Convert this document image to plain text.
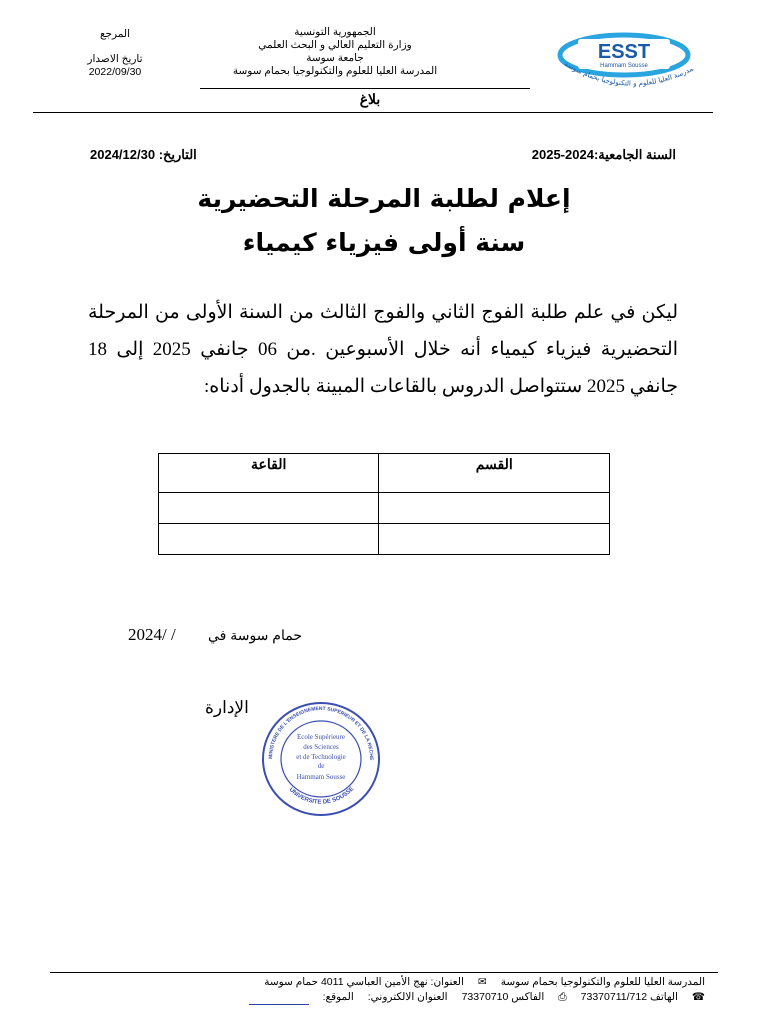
الجمهورية التونسية
وزارة التعليم العالي و البحث العلمي
جامعة سوسة
المدرسة العليا للعلوم والتكنولوجيا بحمام سوسة
المرجع
تاريخ الاصدار
2022/09/30
بلاغ
ESST
Hammam Sousse	مدرسة العليا للعلوم و التكنولوجيا بحمام سوسة
السنة الجامعية:2024-2025
التاريخ: 2024/12/30
إعلام لطلبة المرحلة التحضيرية
سنة أولى فيزياء كيمياء
ليكن في علم طلبة الفوج الثاني والفوج الثالث من السنة الأولى من المرحلة التحضيرية فيزياء كيمياء أنه خلال الأسبوعين .من 06 جانفي 2025 إلى 18 جانفي 2025 ستتواصل الدروس بالقاعات المبينة بالجدول أدناه:
القسم	القاعة

2024/ / حمام سوسة في
الإدارة
MINISTERE DE L'ENSEIGNEMENT SUPERIEUR ET DE LA RECHE
UNIVERSITE DE SOUSSE
Ecole Supérieure
des Sciences
et de Technologie
de
Hammam Sousse
المدرسة العليا للعلوم والتكنولوجيا بحمام سوسة
✉
العنوان: نهج الأمين العباسي 4011 حمام سوسة
☎
الهاتف 73370711/712
⎙
الفاكس 73370710
العنوان الالكتروني:
الموقع:
